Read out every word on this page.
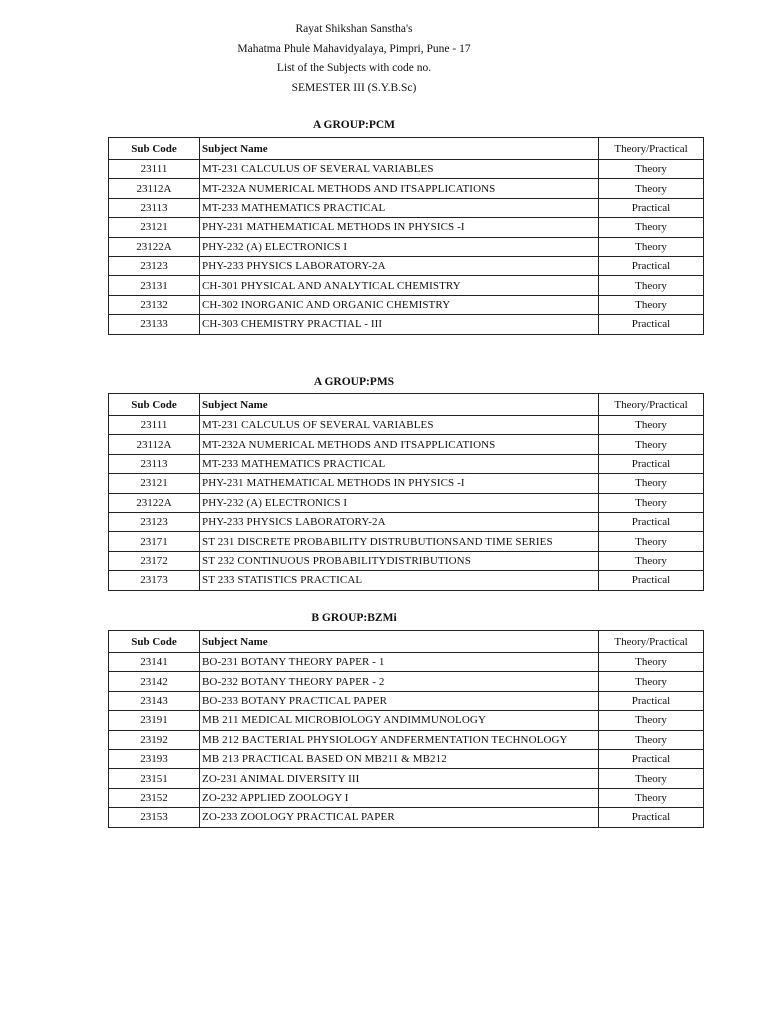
Rayat Shikshan Sanstha's
Mahatma Phule Mahavidyalaya, Pimpri, Pune - 17
List of the Subjects with code no.
SEMESTER III (S.Y.B.Sc)
A GROUP:PCM
Sub Code	Subject Name	Theory/Practical
23111	MT-231 CALCULUS OF SEVERAL VARIABLES	Theory
23112A	MT-232A NUMERICAL METHODS AND ITSAPPLICATIONS	Theory
23113	MT-233 MATHEMATICS PRACTICAL	Practical
23121	PHY-231 MATHEMATICAL METHODS IN PHYSICS -I	Theory
23122A	PHY-232 (A) ELECTRONICS I	Theory
23123	PHY-233 PHYSICS LABORATORY-2A	Practical
23131	CH-301 PHYSICAL AND ANALYTICAL CHEMISTRY	Theory
23132	CH-302 INORGANIC AND ORGANIC CHEMISTRY	Theory
23133	CH-303 CHEMISTRY PRACTIAL - III	Practical
A GROUP:PMS
Sub Code	Subject Name	Theory/Practical
23111	MT-231 CALCULUS OF SEVERAL VARIABLES	Theory
23112A	MT-232A NUMERICAL METHODS AND ITSAPPLICATIONS	Theory
23113	MT-233 MATHEMATICS PRACTICAL	Practical
23121	PHY-231 MATHEMATICAL METHODS IN PHYSICS -I	Theory
23122A	PHY-232 (A) ELECTRONICS I	Theory
23123	PHY-233 PHYSICS LABORATORY-2A	Practical
23171	ST 231 DISCRETE PROBABILITY DISTRUBUTIONSAND TIME SERIES	Theory
23172	ST 232 CONTINUOUS PROBABILITYDISTRIBUTIONS	Theory
23173	ST 233 STATISTICS PRACTICAL	Practical
B GROUP:BZMi
Sub Code	Subject Name	Theory/Practical
23141	BO-231 BOTANY THEORY PAPER - 1	Theory
23142	BO-232 BOTANY THEORY PAPER - 2	Theory
23143	BO-233 BOTANY PRACTICAL PAPER	Practical
23191	MB 211 MEDICAL MICROBIOLOGY ANDIMMUNOLOGY	Theory
23192	MB 212 BACTERIAL PHYSIOLOGY ANDFERMENTATION TECHNOLOGY	Theory
23193	MB 213 PRACTICAL BASED ON MB211 & MB212	Practical
23151	ZO-231 ANIMAL DIVERSITY III	Theory
23152	ZO-232 APPLIED ZOOLOGY I	Theory
23153	ZO-233 ZOOLOGY PRACTICAL PAPER	Practical
